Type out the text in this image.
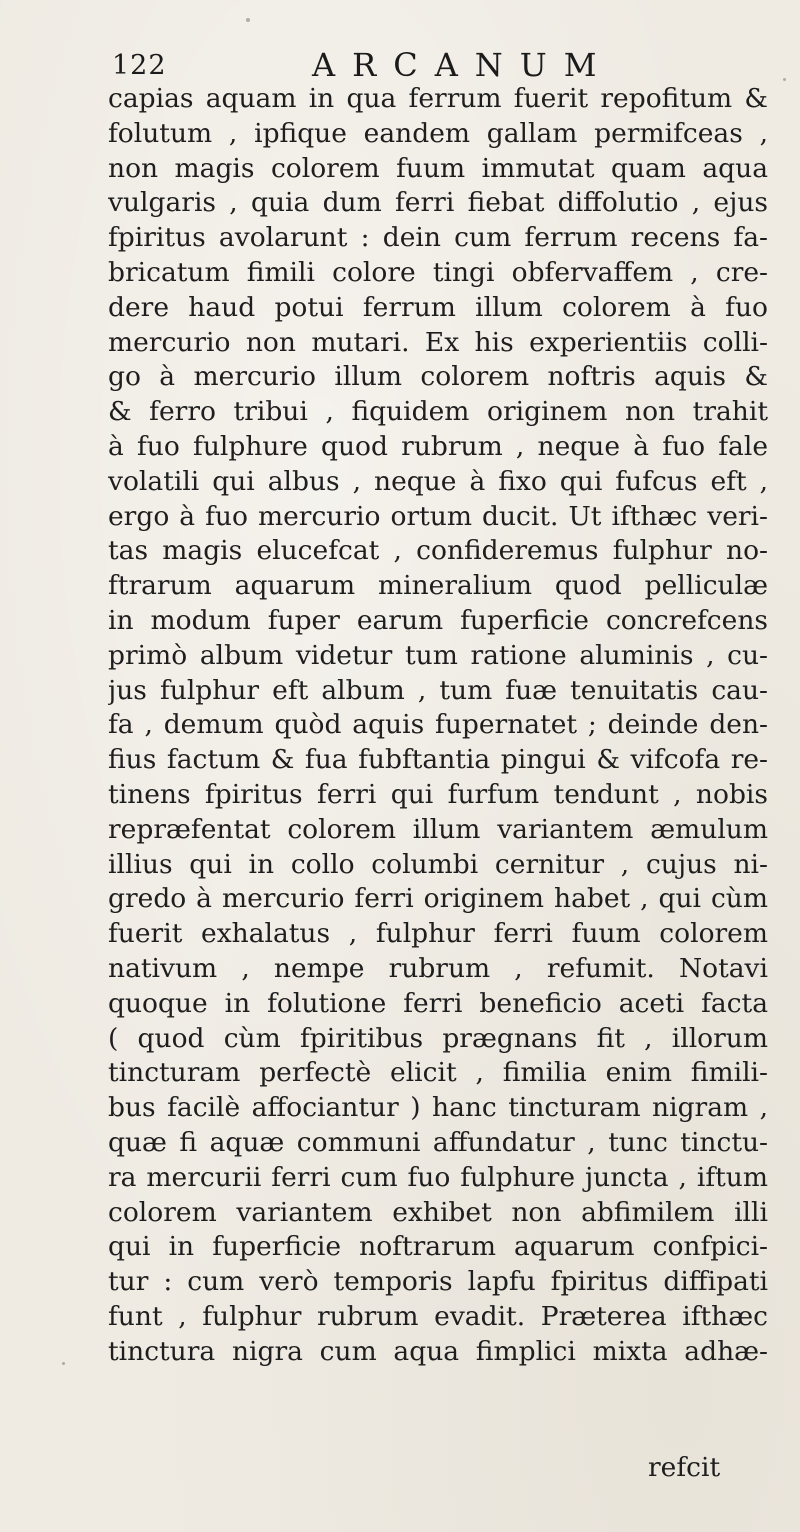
122	ARCANUM
capias aquam in qua ferrum fuerit repofitum &
folutum , ipfique eandem gallam permifceas ,
non magis colorem fuum immutat quam aqua
vulgaris , quia dum ferri fiebat diffolutio , ejus
fpiritus avolarunt : dein cum ferrum recens fa-
bricatum fimili colore tingi obfervaffem , cre-
dere haud potui ferrum illum colorem à fuo
mercurio non mutari. Ex his experientiis colli-
go à mercurio illum colorem noftris aquis &
& ferro tribui , fiquidem originem non trahit
à fuo fulphure quod rubrum , neque à fuo fale
volatili qui albus , neque à fixo qui fufcus eft ,
ergo à fuo mercurio ortum ducit. Ut ifthæc veri-
tas magis elucefcat , confideremus fulphur no-
ftrarum aquarum mineralium quod pelliculæ
in modum fuper earum fuperficie concrefcens
primò album videtur tum ratione aluminis , cu-
jus fulphur eft album , tum fuæ tenuitatis cau-
fa , demum quòd aquis fupernatet ; deinde den-
fius factum & fua fubftantia pingui & vifcofa re-
tinens fpiritus ferri qui furfum tendunt , nobis
repræfentat colorem illum variantem æmulum
illius qui in collo columbi cernitur , cujus ni-
gredo à mercurio ferri originem habet , qui cùm
fuerit exhalatus , fulphur ferri fuum colorem
nativum , nempe rubrum , refumit. Notavi
quoque in folutione ferri beneficio aceti facta
( quod cùm fpiritibus prægnans fit , illorum
tincturam perfectè elicit , fimilia enim fimili-
bus facilè affociantur ) hanc tincturam nigram ,
quæ fi aquæ communi affundatur , tunc tinctu-
ra mercurii ferri cum fuo fulphure juncta , iftum
colorem variantem exhibet non abfimilem illi
qui in fuperficie noftrarum aquarum confpici-
tur : cum verò temporis lapfu fpiritus diffipati
funt , fulphur rubrum evadit. Præterea ifthæc
tinctura nigra cum aqua fimplici mixta adhæ-
refcit
